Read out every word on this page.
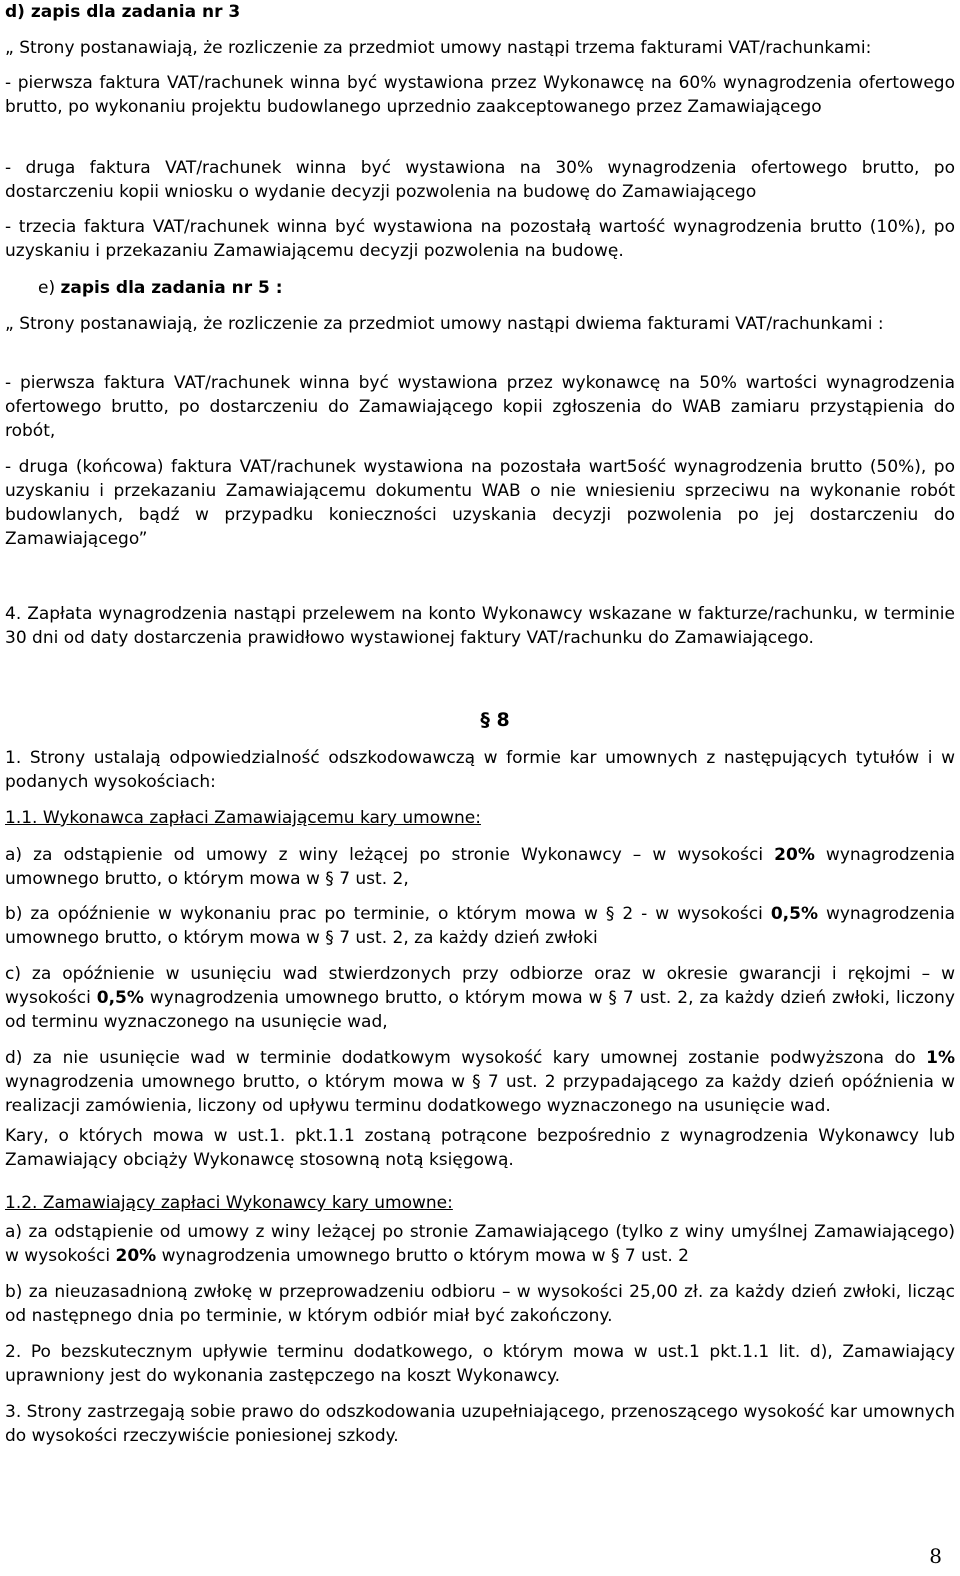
d) zapis dla zadania nr 3
„ Strony postanawiają, że rozliczenie za przedmiot umowy nastąpi trzema fakturami VAT/rachunkami:
- pierwsza faktura VAT/rachunek winna być wystawiona przez Wykonawcę na 60% wynagrodzenia ofertowego brutto, po wykonaniu projektu budowlanego uprzednio zaakceptowanego przez Zamawiającego
- druga faktura VAT/rachunek winna być wystawiona na 30% wynagrodzenia ofertowego brutto, po dostarczeniu kopii wniosku o wydanie decyzji pozwolenia na budowę do Zamawiającego
- trzecia faktura VAT/rachunek winna być wystawiona na pozostałą wartość wynagrodzenia brutto (10%), po uzyskaniu i przekazaniu Zamawiającemu decyzji pozwolenia na budowę.
e) zapis dla zadania nr 5 :
„ Strony postanawiają, że rozliczenie za przedmiot umowy nastąpi dwiema fakturami VAT/rachunkami :
- pierwsza faktura VAT/rachunek winna być wystawiona przez wykonawcę na 50% wartości wynagrodzenia ofertowego brutto, po dostarczeniu do Zamawiającego kopii zgłoszenia do WAB zamiaru przystąpienia do robót,
- druga (końcowa) faktura VAT/rachunek wystawiona na pozostała wart5ość wynagrodzenia brutto (50%), po uzyskaniu i przekazaniu Zamawiającemu dokumentu WAB o nie wniesieniu sprzeciwu na wykonanie robót budowlanych, bądź w przypadku konieczności uzyskania decyzji pozwolenia po jej dostarczeniu do Zamawiającego”
4. Zapłata wynagrodzenia nastąpi przelewem na konto Wykonawcy wskazane w fakturze/rachunku, w terminie 30 dni od daty dostarczenia prawidłowo wystawionej faktury VAT/rachunku do Zamawiającego.
§ 8
1. Strony ustalają odpowiedzialność odszkodowawczą w formie kar umownych z następujących tytułów i w podanych wysokościach:
1.1. Wykonawca zapłaci Zamawiającemu kary umowne:
a) za odstąpienie od umowy z winy leżącej po stronie Wykonawcy – w wysokości 20% wynagrodzenia umownego brutto, o którym mowa w § 7 ust. 2,
b) za opóźnienie w wykonaniu prac po terminie, o którym mowa w § 2 - w wysokości 0,5% wynagrodzenia umownego brutto, o którym mowa w § 7 ust. 2, za każdy dzień zwłoki
c) za opóźnienie w usunięciu wad stwierdzonych przy odbiorze oraz w okresie gwarancji i rękojmi – w wysokości 0,5% wynagrodzenia umownego brutto, o którym mowa w § 7 ust. 2, za każdy dzień zwłoki, liczony od terminu wyznaczonego na usunięcie wad,
d) za nie usunięcie wad w terminie dodatkowym wysokość kary umownej zostanie podwyższona do 1% wynagrodzenia umownego brutto, o którym mowa w § 7 ust. 2 przypadającego za każdy dzień opóźnienia w realizacji zamówienia, liczony od upływu terminu dodatkowego wyznaczonego na usunięcie wad.
Kary, o których mowa w ust.1. pkt.1.1 zostaną potrącone bezpośrednio z wynagrodzenia Wykonawcy lub Zamawiający obciąży Wykonawcę stosowną notą księgową.
1.2. Zamawiający zapłaci Wykonawcy kary umowne:
a) za odstąpienie od umowy z winy leżącej po stronie Zamawiającego (tylko z winy umyślnej Zamawiającego) w wysokości 20% wynagrodzenia umownego brutto o którym mowa w § 7 ust. 2
b) za nieuzasadnioną zwłokę w przeprowadzeniu odbioru – w wysokości 25,00 zł. za każdy dzień zwłoki, licząc od następnego dnia po terminie, w którym odbiór miał być zakończony.
2. Po bezskutecznym upływie terminu dodatkowego, o którym mowa w ust.1 pkt.1.1 lit. d), Zamawiający uprawniony jest do wykonania zastępczego na koszt Wykonawcy.
3. Strony zastrzegają sobie prawo do odszkodowania uzupełniającego, przenoszącego wysokość kar umownych do wysokości rzeczywiście poniesionej szkody.
8
